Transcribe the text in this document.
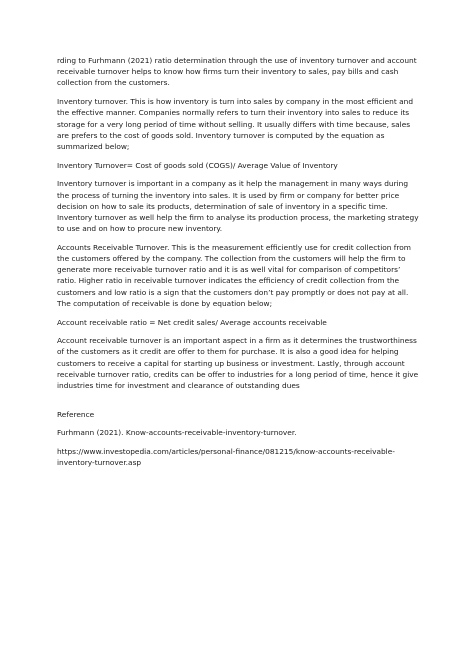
rding to Furhmann (2021) ratio determination through the use of inventory turnover and account receivable turnover helps to know how firms turn their inventory to sales, pay bills and cash collection from the customers.

Inventory turnover. This is how inventory is turn into sales by company in the most efficient and the effective manner. Companies normally refers to turn their inventory into sales to reduce its storage for a very long period of time without selling. It usually differs with time because, sales are prefers to the cost of goods sold. Inventory turnover is computed by the equation as summarized below;

Inventory Turnover= Cost of goods sold (COGS)/ Average Value of Inventory

Inventory turnover is important in a company as it help the management in many ways during the process of turning the inventory into sales. It is used by firm or company for better price decision on how to sale its products, determination of sale of inventory in a specific time. Inventory turnover as well help the firm to analyse its production process, the marketing strategy to use and on how to procure new inventory.

Accounts Receivable Turnover. This is the measurement efficiently use for credit collection from the customers offered by the company. The collection from the customers will help the firm to generate more receivable turnover ratio and it is as well vital for comparison of competitors’ ratio. Higher ratio in receivable turnover indicates the efficiency of credit collection from the customers and low ratio is a sign that the customers don’t pay promptly or does not pay at all. The computation of receivable is done by equation below;

Account receivable ratio = Net credit sales/ Average accounts receivable

Account receivable turnover is an important aspect in a firm as it determines the trustworthiness of the customers as it credit are offer to them for purchase. It is also a good idea for helping customers to receive a capital for starting up business or investment. Lastly, through account receivable turnover ratio, credits can be offer to industries for a long period of time, hence it give industries time for investment and clearance of outstanding dues

Reference

Furhmann (2021). Know-accounts-receivable-inventory-turnover.

https://www.investopedia.com/articles/personal-finance/081215/know-accounts-receivable-inventory-turnover.asp
